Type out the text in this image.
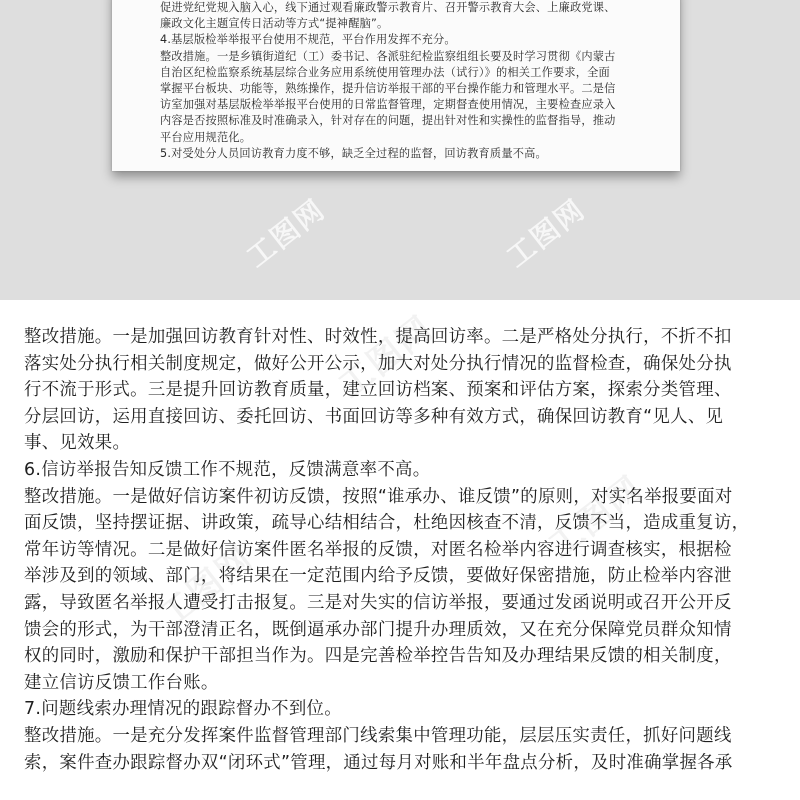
促进党纪党规入脑入心，线下通过观看廉政警示教育片、召开警示教育大会、上廉政党课、
廉政文化主题宣传日活动等方式“提神醒脑”。
4.基层版检举举报平台使用不规范，平台作用发挥不充分。
整改措施。一是乡镇街道纪（工）委书记、各派驻纪检监察组组长要及时学习贯彻《内蒙古
自治区纪检监察系统基层综合业务应用系统使用管理办法（试行）》的相关工作要求，全面
掌握平台板块、功能等，熟练操作，提升信访举报干部的平台操作能力和管理水平。二是信
访室加强对基层版检举举报平台使用的日常监督管理，定期督查使用情况，主要检查应录入
内容是否按照标准及时准确录入，针对存在的问题，提出针对性和实操性的监督指导，推动
平台应用规范化。
5.对受处分人员回访教育力度不够，缺乏全过程的监督，回访教育质量不高。
工图网	工图网
工图网
工图网
工图网
整改措施。一是加强回访教育针对性、时效性，提高回访率。二是严格处分执行，不折不扣
落实处分执行相关制度规定，做好公开公示，加大对处分执行情况的监督检查，确保处分执
行不流于形式。三是提升回访教育质量，建立回访档案、预案和评估方案，探索分类管理、
分层回访，运用直接回访、委托回访、书面回访等多种有效方式，确保回访教育“见人、见
事、见效果。
6.信访举报告知反馈工作不规范，反馈满意率不高。
整改措施。一是做好信访案件初访反馈，按照“谁承办、谁反馈”的原则，对实名举报要面对
面反馈，坚持摆证据、讲政策，疏导心结相结合，杜绝因核查不清，反馈不当，造成重复访，
常年访等情况。二是做好信访案件匿名举报的反馈，对匿名检举内容进行调查核实，根据检
举涉及到的领域、部门，将结果在一定范围内给予反馈，要做好保密措施，防止检举内容泄
露，导致匿名举报人遭受打击报复。三是对失实的信访举报，要通过发函说明或召开公开反
馈会的形式，为干部澄清正名，既倒逼承办部门提升办理质效，又在充分保障党员群众知情
权的同时，激励和保护干部担当作为。四是完善检举控告告知及办理结果反馈的相关制度，
建立信访反馈工作台账。
7.问题线索办理情况的跟踪督办不到位。
整改措施。一是充分发挥案件监督管理部门线索集中管理功能，层层压实责任，抓好问题线
索，案件查办跟踪督办双“闭环式”管理，通过每月对账和半年盘点分析，及时准确掌握各承
